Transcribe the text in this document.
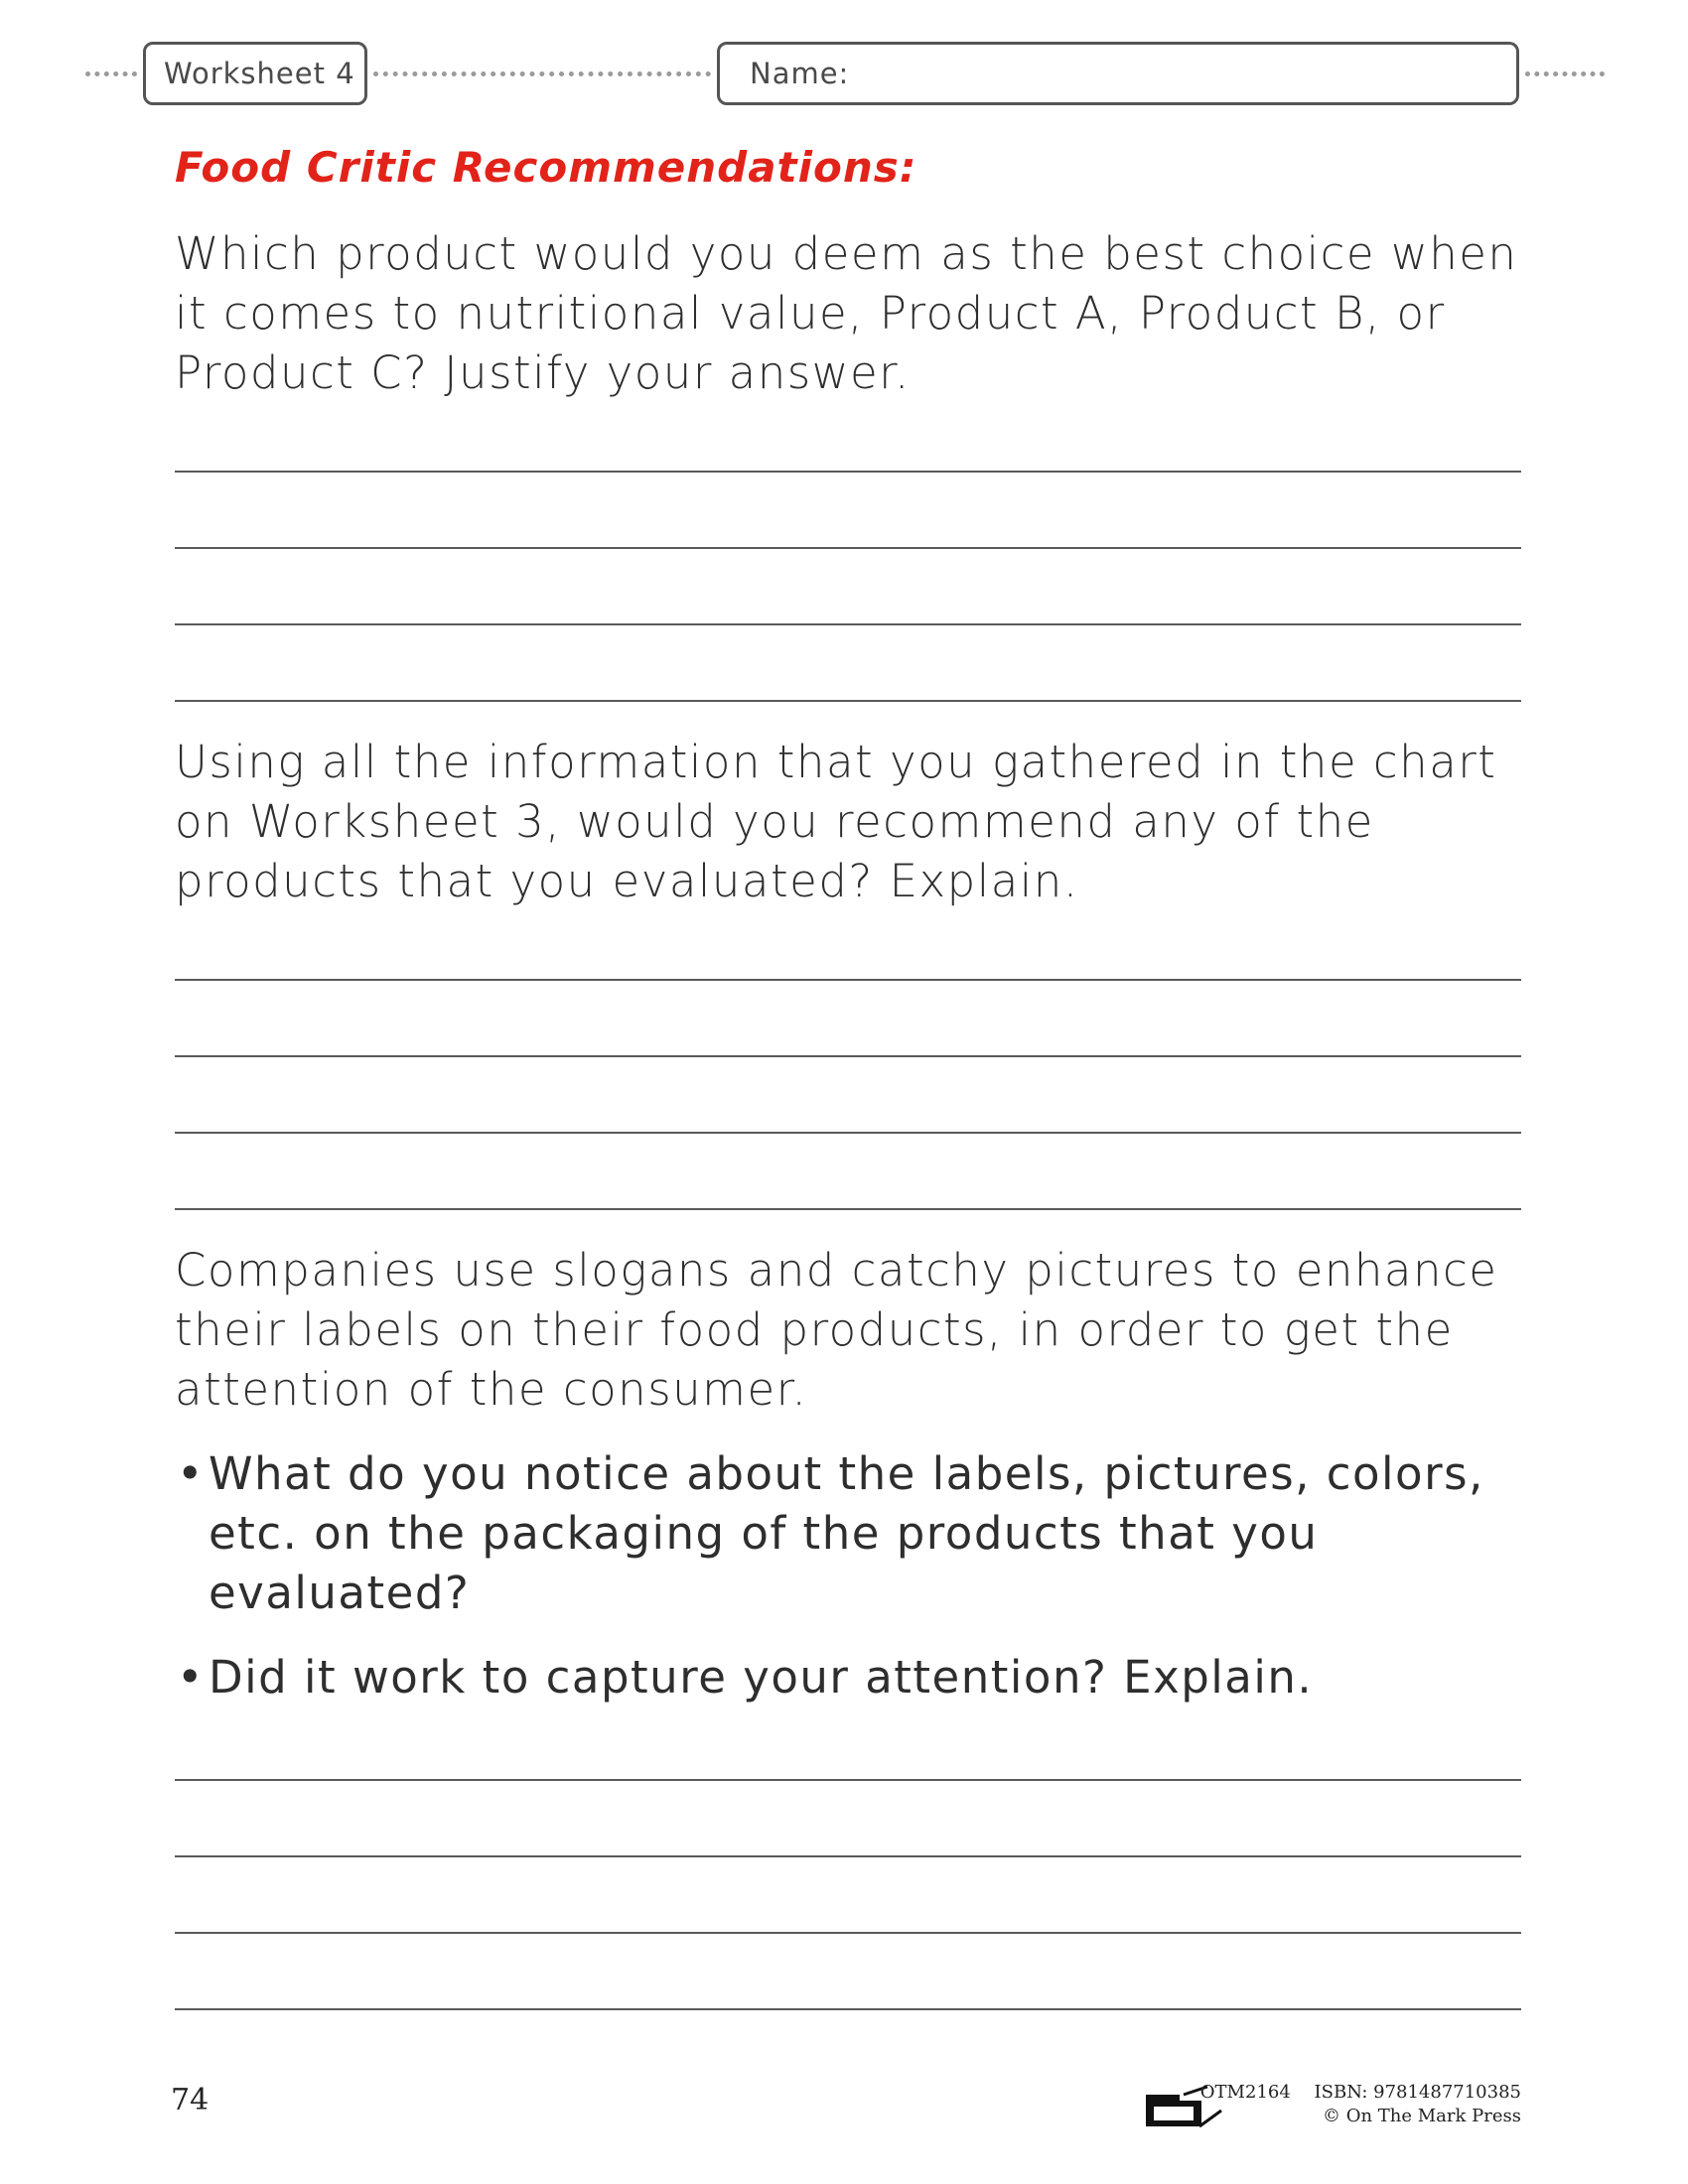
Worksheet 4	Name:
Food Critic Recommendations:

Which product would you deem as the best choice when it comes to nutritional value, Product A, Product B, or Product C? Justify your answer.

Using all the information that you gathered in the chart on Worksheet 3, would you recommend any of the products that you evaluated? Explain.

Companies use slogans and catchy pictures to enhance their labels on their food products, in order to get the attention of the consumer.

• What do you notice about the labels, pictures, colors, etc. on the packaging of the products that you evaluated?
• Did it work to capture your attention? Explain.
74	OTM2164 ISBN: 9781487710385
© On The Mark Press
